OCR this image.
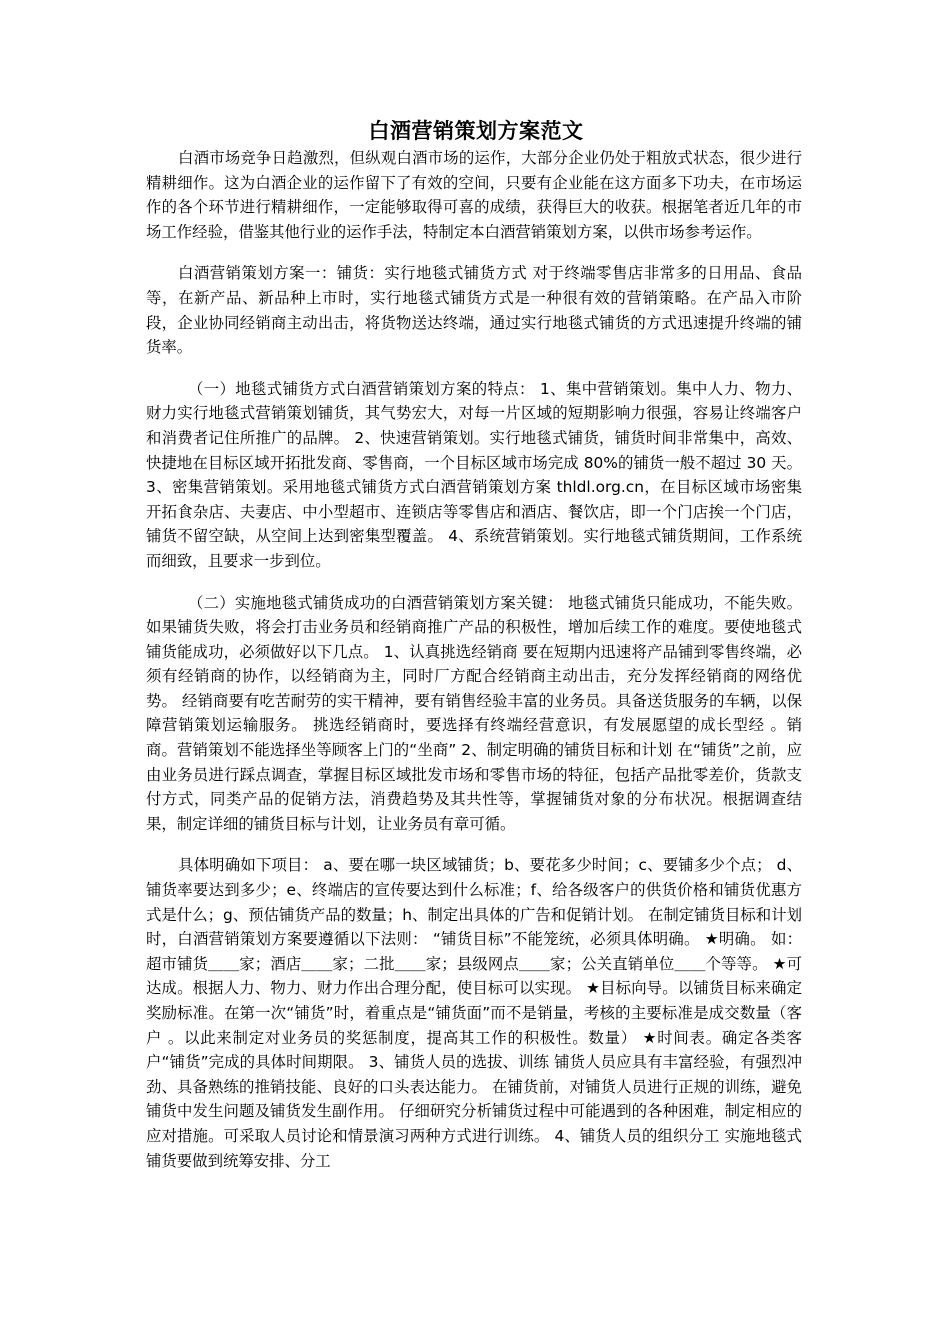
白酒营销策划方案范文

白酒市场竞争日趋激烈，但纵观白酒市场的运作，大部分企业仍处于粗放式状态，很少进行精耕细作。这为白酒企业的运作留下了有效的空间，只要有企业能在这方面多下功夫，在市场运作的各个环节进行精耕细作，一定能够取得可喜的成绩，获得巨大的收获。根据笔者近几年的市场工作经验，借鉴其他行业的运作手法，特制定本白酒营销策划方案，以供市场参考运作。

白酒营销策划方案一：铺货：实行地毯式铺货方式 对于终端零售店非常多的日用品、食品等，在新产品、新品种上市时，实行地毯式铺货方式是一种很有效的营销策略。在产品入市阶段，企业协同经销商主动出击，将货物送达终端，通过实行地毯式铺货的方式迅速提升终端的铺货率。

（一）地毯式铺货方式白酒营销策划方案的特点： 1、集中营销策划。集中人力、物力、财力实行地毯式营销策划铺货，其气势宏大，对每一片区域的短期影响力很强，容易让终端客户和消费者记住所推广的品牌。 2、快速营销策划。实行地毯式铺货，铺货时间非常集中，高效、快捷地在目标区域开拓批发商、零售商，一个目标区域市场完成 80%的铺货一般不超过 30 天。 3、密集营销策划。采用地毯式铺货方式白酒营销策划方案 thldl.org.cn，在目标区域市场密集开拓食杂店、夫妻店、中小型超市、连锁店等零售店和酒店、餐饮店，即一个门店挨一个门店，铺货不留空缺，从空间上达到密集型覆盖。 4、系统营销策划。实行地毯式铺货期间，工作系统而细致，且要求一步到位。

（二）实施地毯式铺货成功的白酒营销策划方案关键： 地毯式铺货只能成功，不能失败。如果铺货失败，将会打击业务员和经销商推广产品的积极性，增加后续工作的难度。要使地毯式铺货能成功，必须做好以下几点。 1、认真挑选经销商 要在短期内迅速将产品铺到零售终端，必须有经销商的协作，以经销商为主，同时厂方配合经销商主动出击，充分发挥经销商的网络优势。 经销商要有吃苦耐劳的实干精神，要有销售经验丰富的业务员。具备送货服务的车辆，以保障营销策划运输服务。 挑选经销商时，要选择有终端经营意识，有发展愿望的成长型经 。销商。营销策划不能选择坐等顾客上门的“坐商” 2、制定明确的铺货目标和计划 在“铺货”之前，应由业务员进行踩点调查，掌握目标区域批发市场和零售市场的特征，包括产品批零差价，货款支付方式，同类产品的促销方法，消费趋势及其共性等，掌握铺货对象的分布状况。根据调查结果，制定详细的铺货目标与计划，让业务员有章可循。

具体明确如下项目： a、要在哪一块区域铺货；b、要花多少时间；c、要铺多少个点； d、铺货率要达到多少；e、终端店的宣传要达到什么标准；f、给各级客户的供货价格和铺货优惠方式是什么；g、预估铺货产品的数量；h、制定出具体的广告和促销计划。 在制定铺货目标和计划时，白酒营销策划方案要遵循以下法则： “铺货目标”不能笼统，必须具体明确。 ★明确。 如：超市铺货＿＿家；酒店＿＿家；二批＿＿家；县级网点＿＿家；公关直销单位＿＿个等等。 ★可达成。根据人力、物力、财力作出合理分配，使目标可以实现。 ★目标向导。以铺货目标来确定奖励标准。在第一次“铺货”时，着重点是“铺货面”而不是销量，考核的主要标准是成交数量（客户 。以此来制定对业务员的奖惩制度，提高其工作的积极性。数量） ★时间表。确定各类客户“铺货”完成的具体时间期限。 3、铺货人员的选拔、训练 铺货人员应具有丰富经验，有强烈冲劲、具备熟练的推销技能、良好的口头表达能力。 在铺货前，对铺货人员进行正规的训练，避免铺货中发生问题及铺货发生副作用。 仔细研究分析铺货过程中可能遇到的各种困难，制定相应的应对措施。可采取人员讨论和情景演习两种方式进行训练。 4、铺货人员的组织分工 实施地毯式铺货要做到统筹安排、分工
